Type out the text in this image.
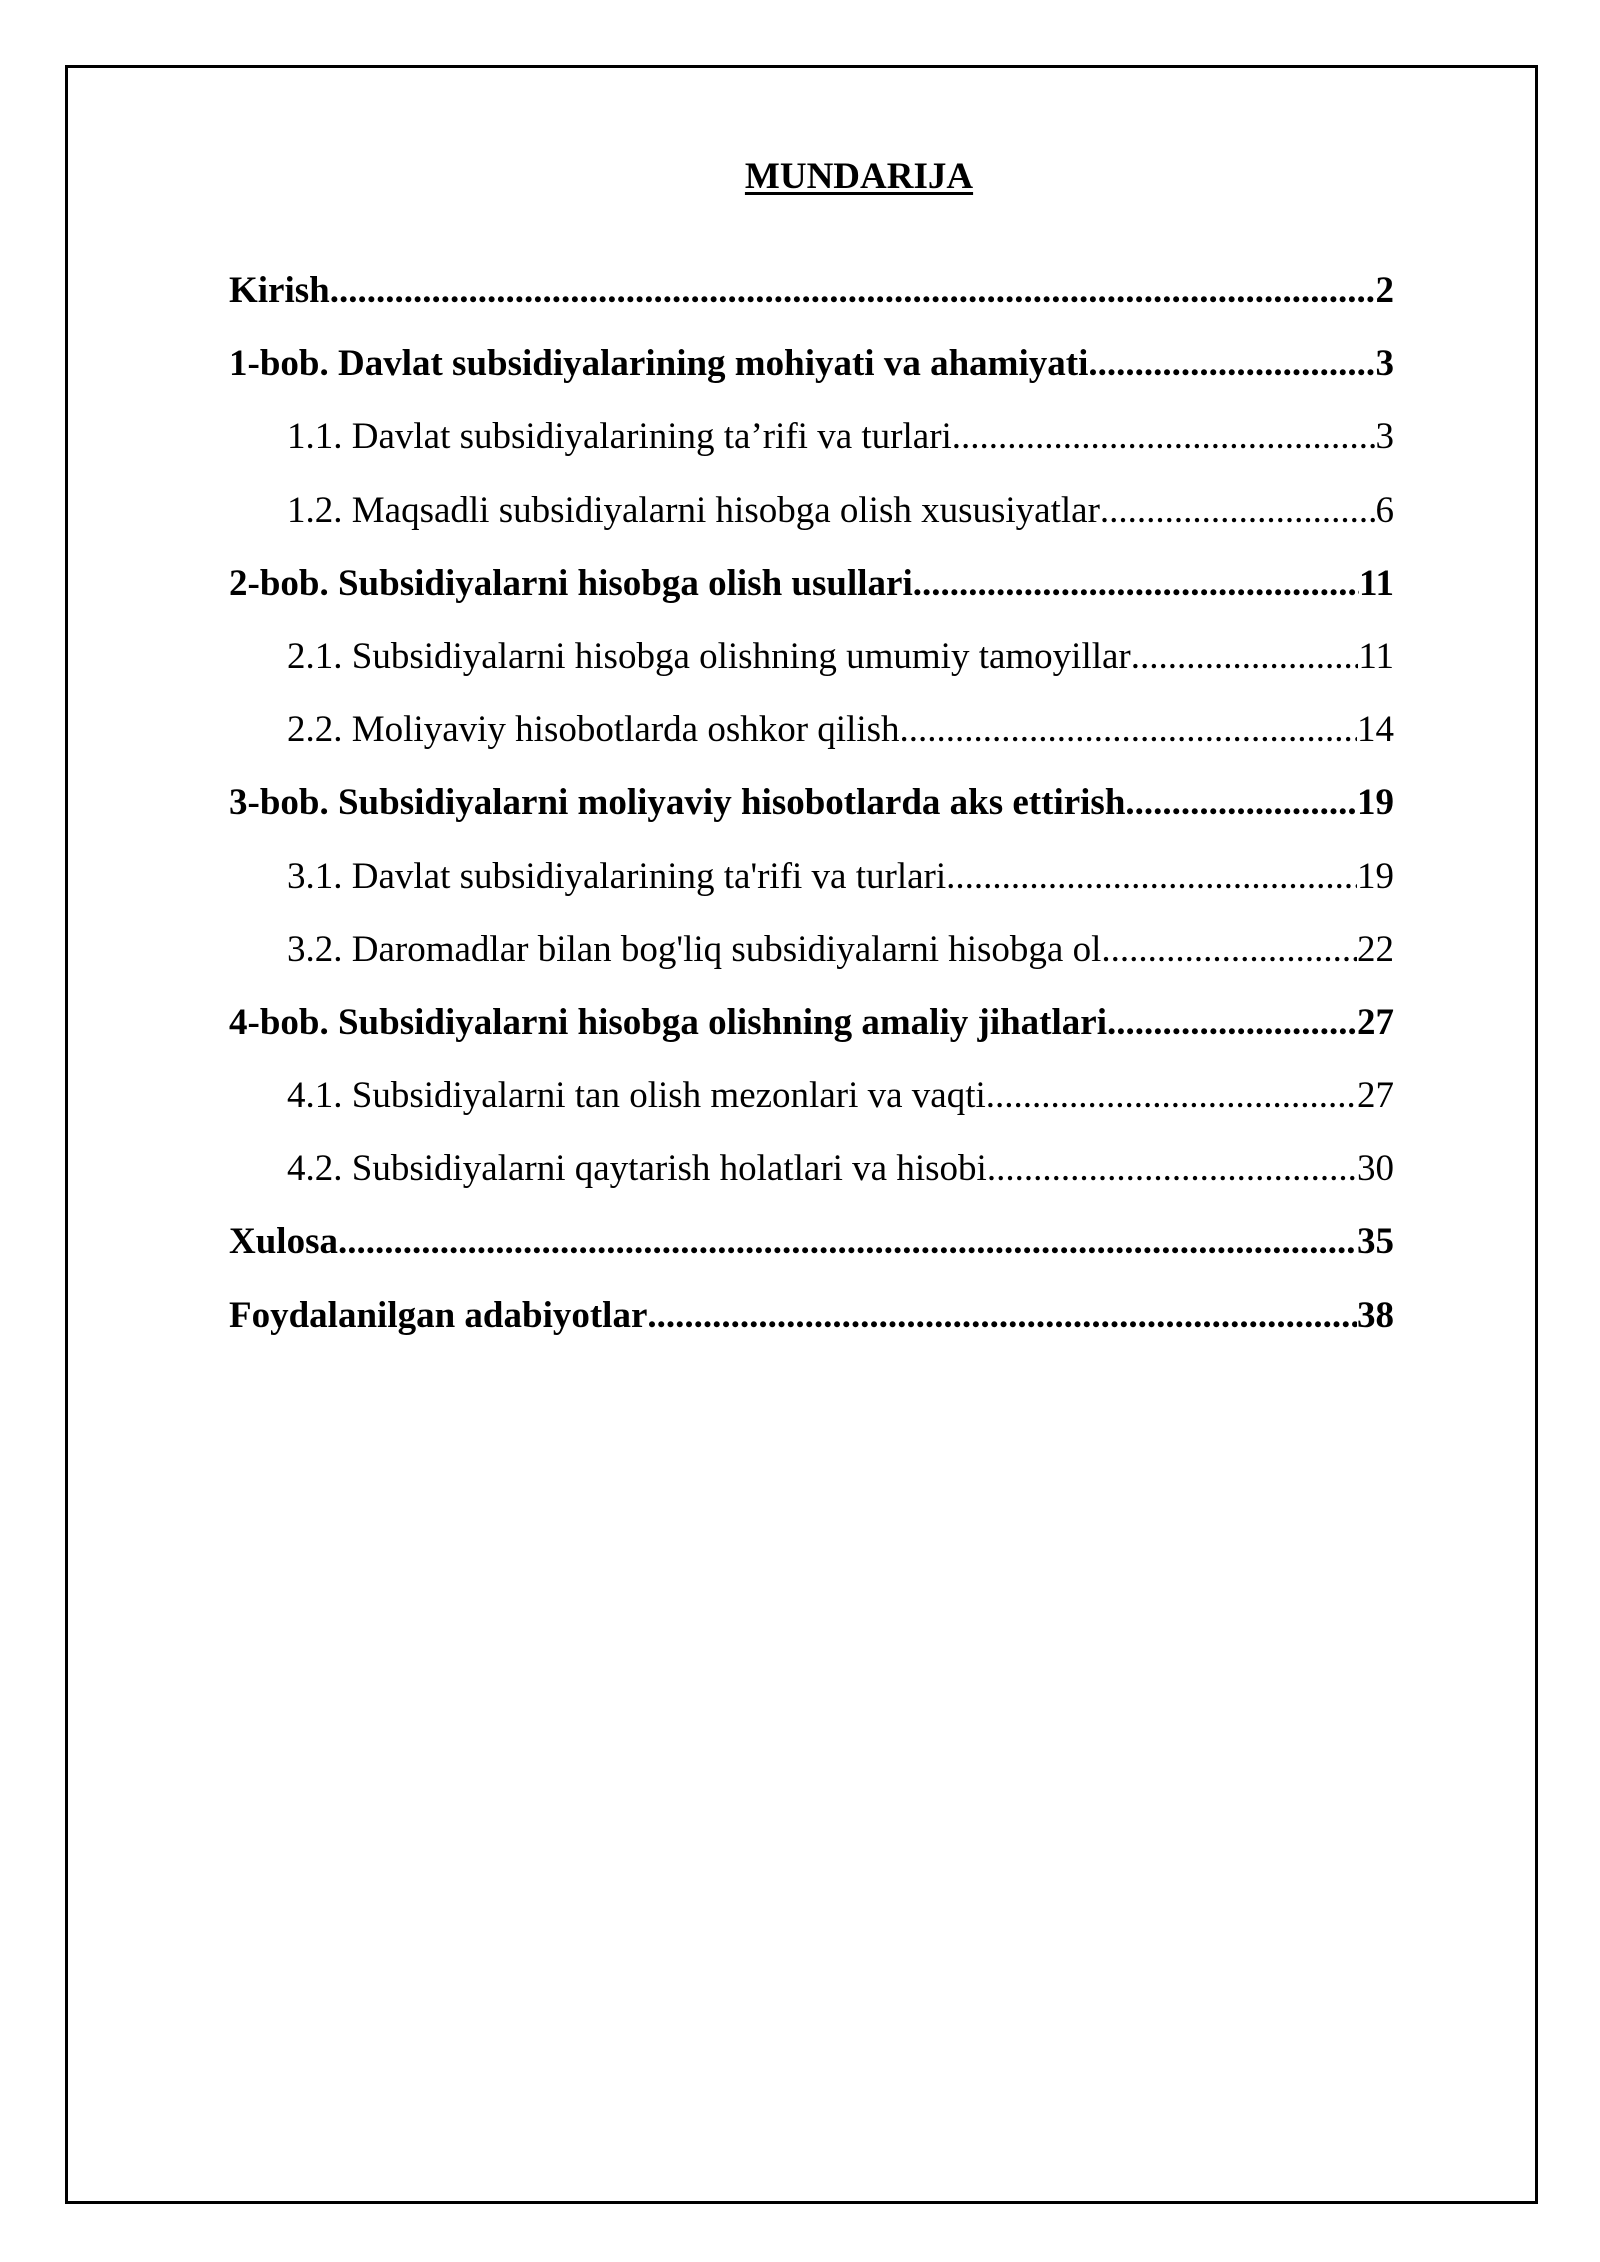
MUNDARIJA
Kirish .....	2
1-bob. Davlat subsidiyalarining mohiyati va ahamiyati .....	3
1.1. Davlat subsidiyalarining ta’rifi va turlari .....	3
1.2. Maqsadli subsidiyalarni hisobga olish xususiyatlar .....	6
2-bob. Subsidiyalarni hisobga olish usullari .....	11
2.1. Subsidiyalarni hisobga olishning umumiy tamoyillar .....	11
2.2. Moliyaviy hisobotlarda oshkor qilish .....	14
3-bob. Subsidiyalarni moliyaviy hisobotlarda aks ettirish .....	19
3.1. Davlat subsidiyalarining ta'rifi va turlari .....	19
3.2. Daromadlar bilan bog'liq subsidiyalarni hisobga ol .....	22
4-bob. Subsidiyalarni hisobga olishning amaliy jihatlari .....	27
4.1. Subsidiyalarni tan olish mezonlari va vaqti .....	27
4.2. Subsidiyalarni qaytarish holatlari va hisobi .....	30
Xulosa .....	35
Foydalanilgan adabiyotlar .....	38
